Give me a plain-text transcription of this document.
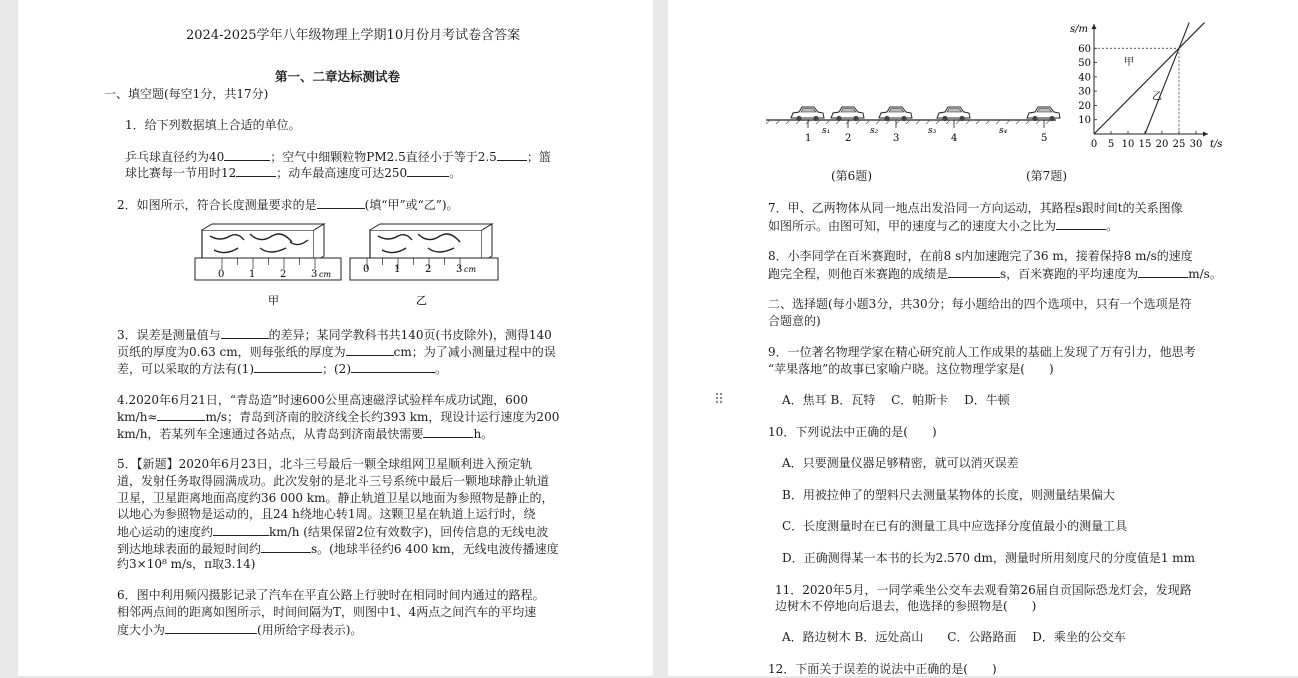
2024-2025学年八年级物理上学期10月份月考试卷含答案
第一、二章达标测试卷
一、填空题(每空1分，共17分)
1．给下列数据填上合适的单位。
乒乓球直径约为40	；空气中细颗粒物PM2.5直径小于等于2.5	；篮
球比赛每一节用时12	；动车最高速度可达250	。
2．如图所示，符合长度测量要求的是	(填“甲”或“乙”)。
0 1 2 3 cm
甲
0 1 2 3 cm
乙
3．误差是测量值与	的差异；某同学教科书共140页(书皮除外)，测得140
页纸的厚度为0.63 cm，则每张纸的厚度为	cm；为了减小测量过程中的误
差，可以采取的方法有(1)	；(2)	。
4.2020年6月21日，“青岛造”时速600公里高速磁浮试验样车成功试跑，600
km/h≈	m/s；青岛到济南的胶济线全长约393 km，现设计运行速度为200
km/h，若某列车全速通过各站点，从青岛到济南最快需要	h。
5．【新题】2020年6月23日，北斗三号最后一颗全球组网卫星顺利进入预定轨
道，发射任务取得圆满成功。此次发射的是北斗三号系统中最后一颗地球静止轨道
卫星，卫星距离地面高度约36 000 km。静止轨道卫星以地面为参照物是静止的，
以地心为参照物是运动的，且24 h绕地心转1周。这颗卫星在轨道上运行时，绕
地心运动的速度约	km/h (结果保留2位有效数字)，回传信息的无线电波
到达地球表面的最短时间约	s。(地球半径约6 400 km，无线电波传播速度
约3×10⁸ m/s，π取3.14)
6．图中利用频闪摄影记录了汽车在平直公路上行驶时在相同时间内通过的路程。
相邻两点间的距离如图所示，时间间隔为T，则图中1、4两点之间汽车的平均速
度大小为	(用所给字母表示)。
1	2	3	4	5
s₁	s₂	s₃	s₄
10
20
30
40
50
60
0 5 10 15 20 25 30
s/m
t/s
甲
乙
(第6题)	(第7题)
7．甲、乙两物体从同一地点出发沿同一方向运动，其路程s跟时间t的关系图像
如图所示。由图可知，甲的速度与乙的速度大小之比为	。
8．小李同学在百米赛跑时，在前8 s内加速跑完了36 m，接着保持8 m/s的速度
跑完全程，则他百米赛跑的成绩是	s，百米赛跑的平均速度为	m/s。
二、选择题(每小题3分，共30分；每小题给出的四个选项中，只有一个选项是符
合题意的)
9．一位著名物理学家在精心研究前人工作成果的基础上发现了万有引力，他思考
“苹果落地”的故事已家喻户晓。这位物理学家是(　　)
A．焦耳 B．瓦特　 C．帕斯卡　 D．牛顿
10．下列说法中正确的是(　　)
A．只要测量仪器足够精密，就可以消灭误差
B．用被拉伸了的塑料尺去测量某物体的长度，则测量结果偏大
C．长度测量时在已有的测量工具中应选择分度值最小的测量工具
D．正确测得某一本书的长为2.570 dm，测量时所用刻度尺的分度值是1 mm
11．2020年5月，一同学乘坐公交车去观看第26届自贡国际恐龙灯会，发现路
边树木不停地向后退去，他选择的参照物是(　　)
A．路边树木 B．远处高山　　C．公路路面　 D．乘坐的公交车
12．下面关于误差的说法中正确的是(　　)
⠿
